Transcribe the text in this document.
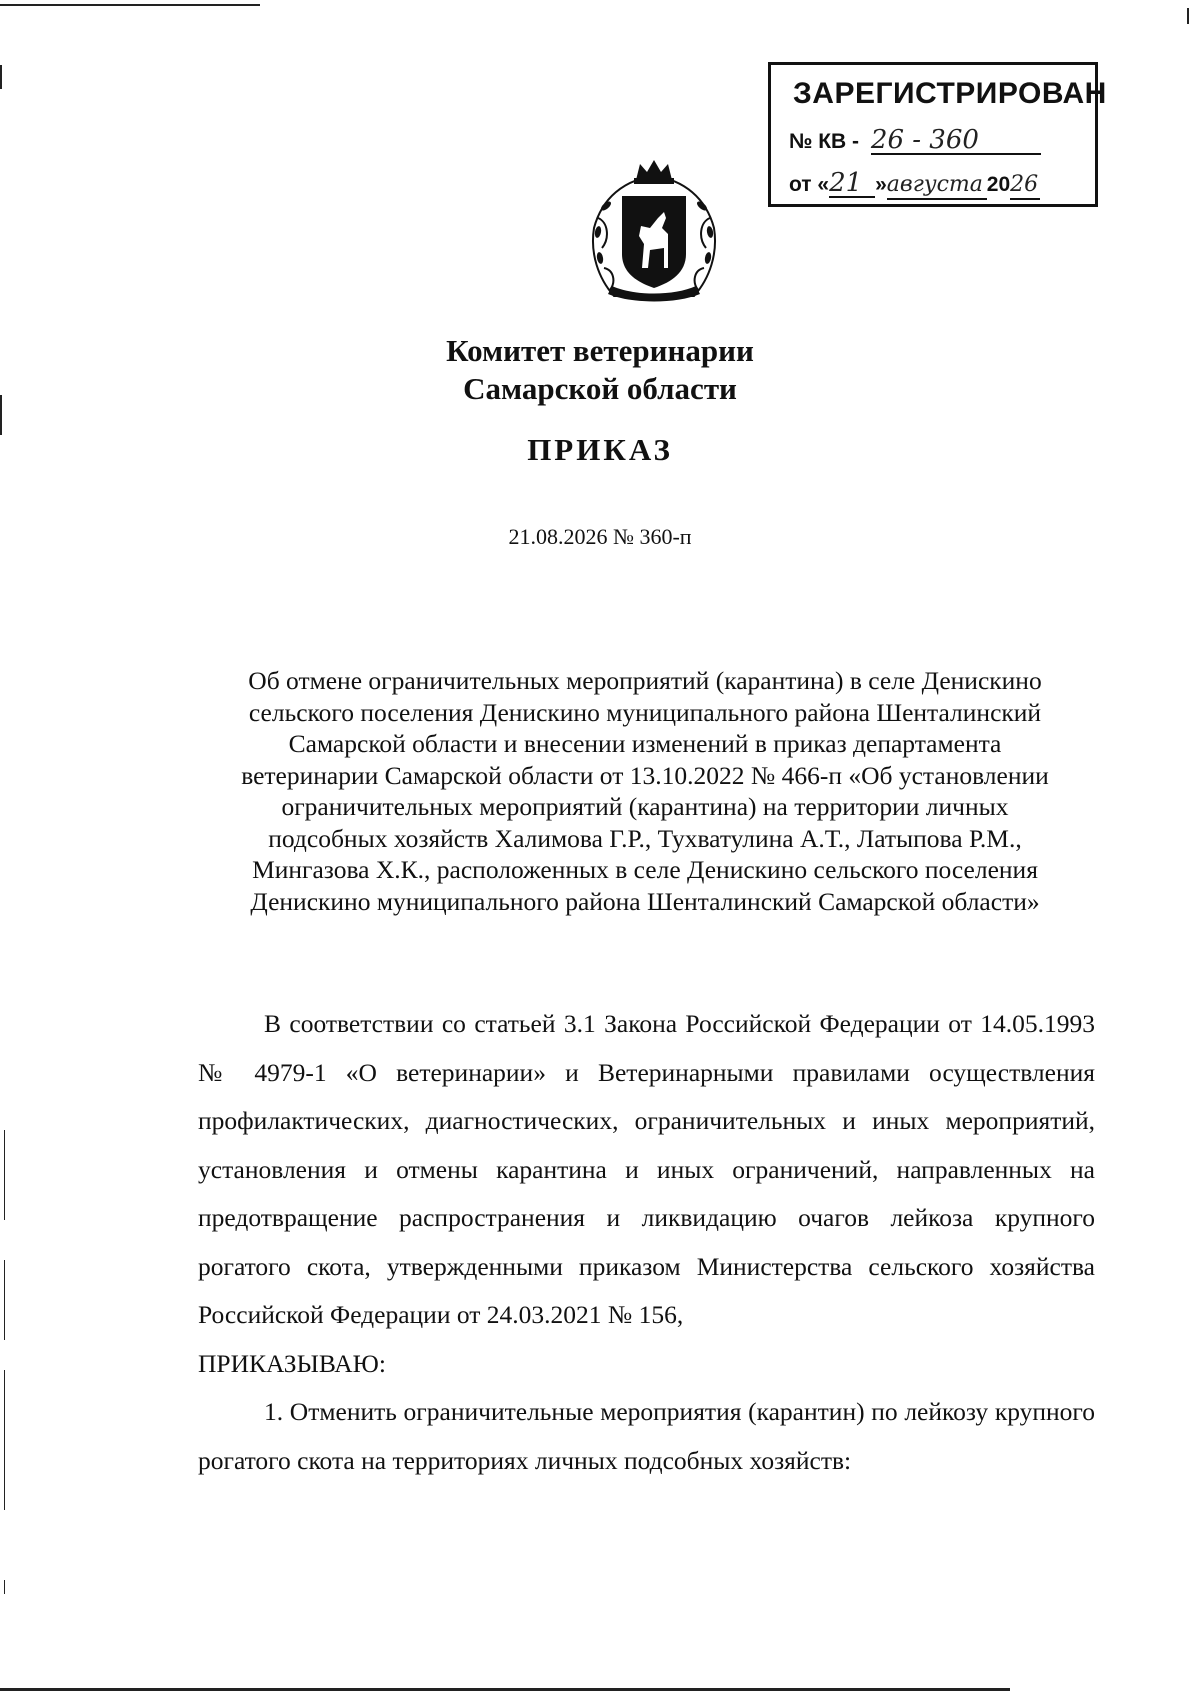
ЗАРЕГИСТРИРОВАН
№ КВ - 26 - 360
от «21 »августа 2026
Комитет ветеринарии
Самарской области
ПРИКАЗ
21.08.2026 № 360-п
Об отмене ограничительных мероприятий (карантина) в селе Денискино
сельского поселения Денискино муниципального района Шенталинский
Самарской области и внесении изменений в приказ департамента
ветеринарии Самарской области от 13.10.2022 № 466-п «Об установлении
ограничительных мероприятий (карантина) на территории личных
подсобных хозяйств Халимова Г.Р., Тухватулина А.Т., Латыпова Р.М.,
Мингазова Х.К., расположенных в селе Денискино сельского поселения
Денискино муниципального района Шенталинский Самарской области»

В соответствии со статьей 3.1 Закона Российской Федерации от 14.05.1993 № 4979-1 «О ветеринарии» и Ветеринарными правилами осуществления профилактических, диагностических, ограничительных и иных мероприятий, установления и отмены карантина и иных ограничений, направленных на предотвращение распространения и ликвидацию очагов лейкоза крупного рогатого скота, утвержденными приказом Министерства сельского хозяйства Российской Федерации от 24.03.2021 № 156,

ПРИКАЗЫВАЮ:

1. Отменить ограничительные мероприятия (карантин) по лейкозу крупного рогатого скота на территориях личных подсобных хозяйств:
